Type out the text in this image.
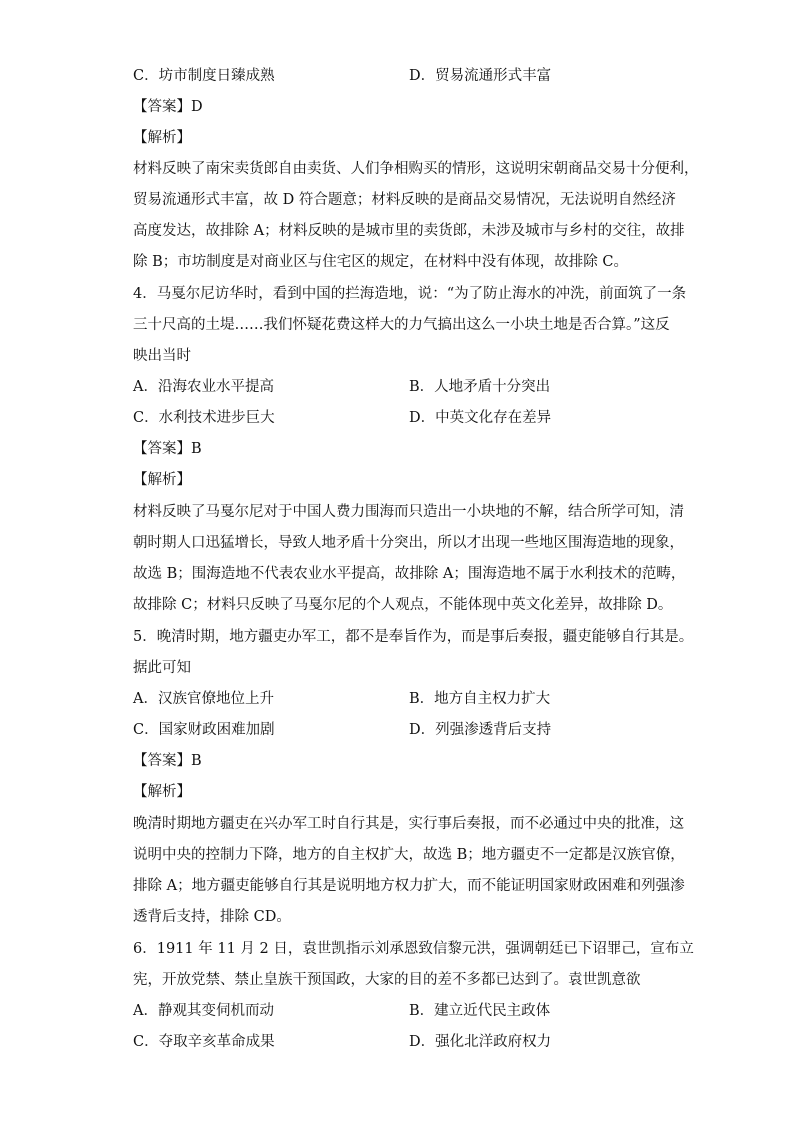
C．坊市制度日臻成熟	D．贸易流通形式丰富
【答案】D
【解析】
材料反映了南宋卖货郎自由卖货、人们争相购买的情形，这说明宋朝商品交易十分便利，
贸易流通形式丰富，故 D 符合题意；材料反映的是商品交易情况，无法说明自然经济
高度发达，故排除 A；材料反映的是城市里的卖货郎，未涉及城市与乡村的交往，故排
除 B；市坊制度是对商业区与住宅区的规定，在材料中没有体现，故排除 C。
4．马戛尔尼访华时，看到中国的拦海造地，说：“为了防止海水的冲洗，前面筑了一条
三十尺高的土堤……我们怀疑花费这样大的力气搞出这么一小块土地是否合算。”这反
映出当时
A．沿海农业水平提高	B．人地矛盾十分突出
C．水利技术进步巨大	D．中英文化存在差异
【答案】B
【解析】
材料反映了马戛尔尼对于中国人费力围海而只造出一小块地的不解，结合所学可知，清
朝时期人口迅猛增长，导致人地矛盾十分突出，所以才出现一些地区围海造地的现象，
故选 B；围海造地不代表农业水平提高，故排除 A；围海造地不属于水利技术的范畴，
故排除 C；材料只反映了马戛尔尼的个人观点，不能体现中英文化差异，故排除 D。
5．晚清时期，地方疆吏办军工，都不是奉旨作为，而是事后奏报，疆吏能够自行其是。
据此可知
A．汉族官僚地位上升	B．地方自主权力扩大
C．国家财政困难加剧	D．列强渗透背后支持
【答案】B
【解析】
晚清时期地方疆吏在兴办军工时自行其是，实行事后奏报，而不必通过中央的批准，这
说明中央的控制力下降，地方的自主权扩大，故选 B；地方疆吏不一定都是汉族官僚，
排除 A；地方疆吏能够自行其是说明地方权力扩大，而不能证明国家财政困难和列强渗
透背后支持，排除 CD。
6．1911 年 11 月 2 日，袁世凯指示刘承恩致信黎元洪，强调朝廷已下诏罪己，宣布立
宪，开放党禁、禁止皇族干预国政，大家的目的差不多都已达到了。袁世凯意欲
A．静观其变伺机而动	B．建立近代民主政体
C．夺取辛亥革命成果	D．强化北洋政府权力
